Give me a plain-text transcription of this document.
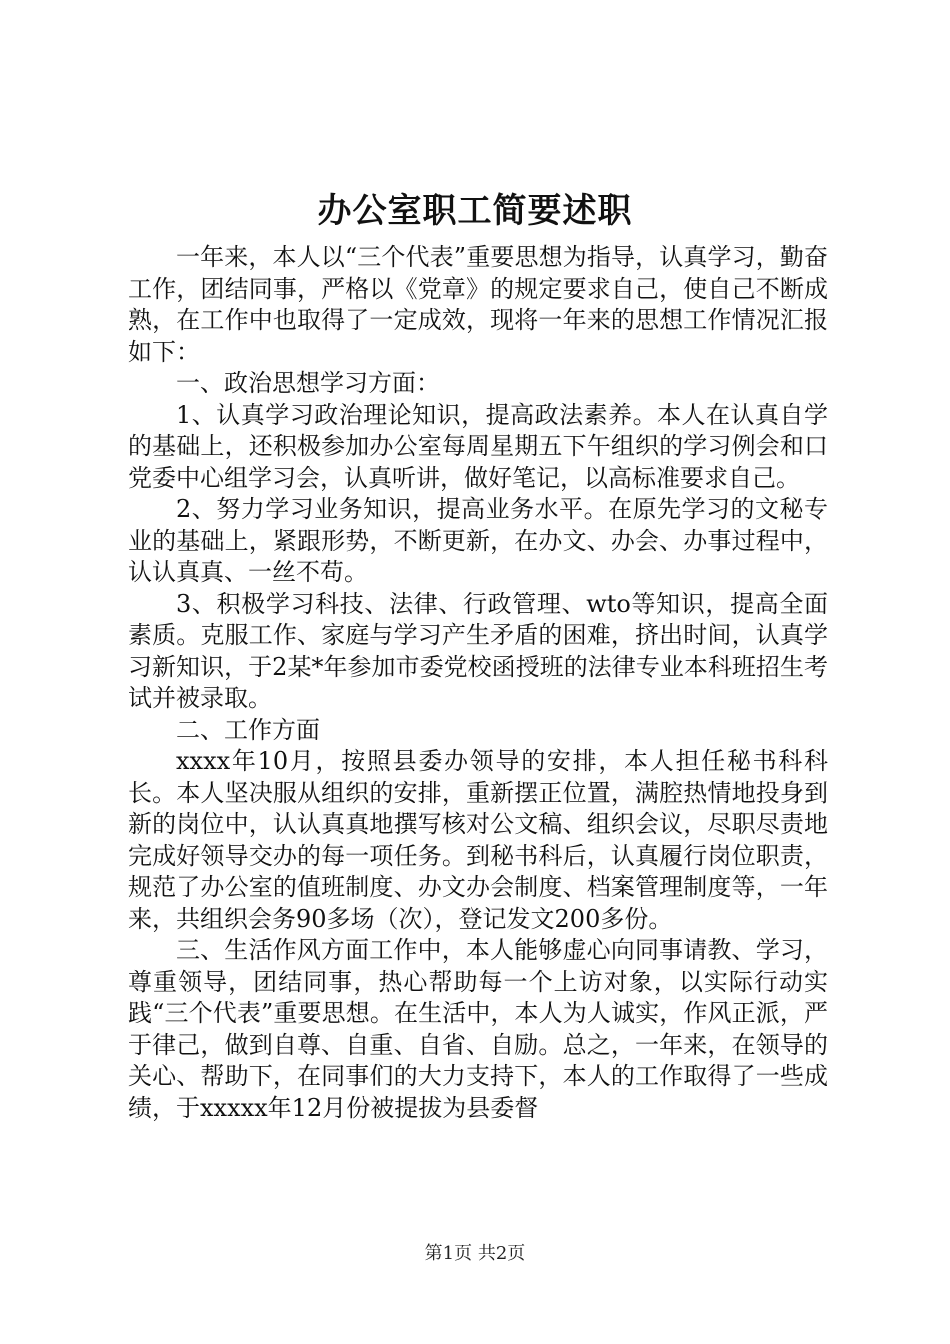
办公室职工简要述职

一年来，本人以“三个代表”重要思想为指导，认真学习，勤奋工作，团结同事，严格以《党章》的规定要求自己，使自己不断成熟，在工作中也取得了一定成效，现将一年来的思想工作情况汇报如下：

一、政治思想学习方面：

1、认真学习政治理论知识，提高政法素养。本人在认真自学的基础上，还积极参加办公室每周星期五下午组织的学习例会和口党委中心组学习会，认真听讲，做好笔记，以高标准要求自己。

2、努力学习业务知识，提高业务水平。在原先学习的文秘专业的基础上，紧跟形势，不断更新，在办文、办会、办事过程中，认认真真、一丝不苟。

3、积极学习科技、法律、行政管理、wto等知识，提高全面素质。克服工作、家庭与学习产生矛盾的困难，挤出时间，认真学习新知识，于2某*年参加市委党校函授班的法律专业本科班招生考试并被录取。

二、工作方面

xxxx年10月，按照县委办领导的安排，本人担任秘书科科长。本人坚决服从组织的安排，重新摆正位置，满腔热情地投身到新的岗位中，认认真真地撰写核对公文稿、组织会议，尽职尽责地完成好领导交办的每一项任务。到秘书科后，认真履行岗位职责，规范了办公室的值班制度、办文办会制度、档案管理制度等，一年来，共组织会务90多场（次），登记发文200多份。

三、生活作风方面工作中，本人能够虚心向同事请教、学习，尊重领导，团结同事，热心帮助每一个上访对象，以实际行动实践“三个代表”重要思想。在生活中，本人为人诚实，作风正派，严于律己，做到自尊、自重、自省、自励。总之，一年来，在领导的关心、帮助下，在同事们的大力支持下，本人的工作取得了一些成绩，于xxxxx年12月份被提拔为县委督

第1页 共2页
